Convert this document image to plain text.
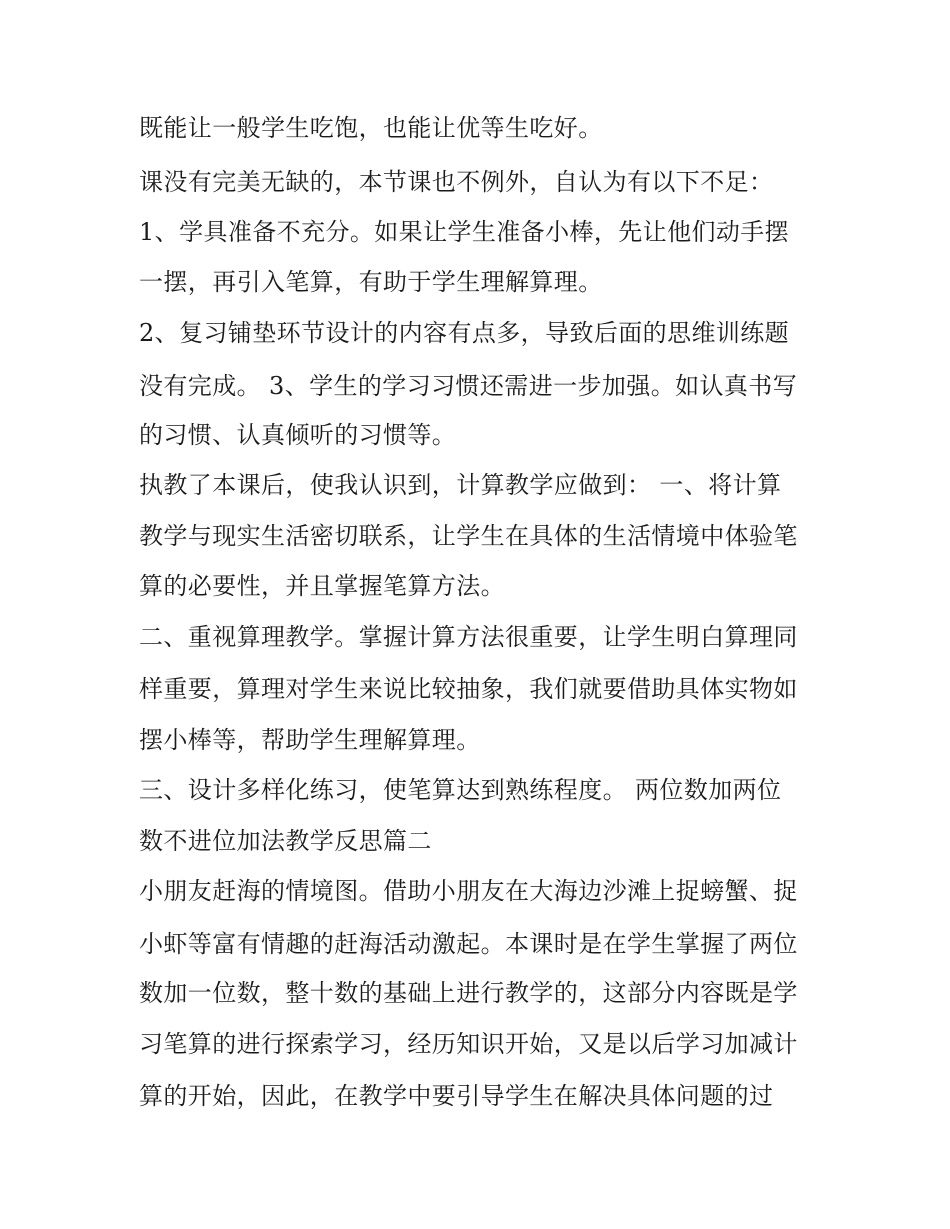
既能让一般学生吃饱，也能让优等生吃好。

课没有完美无缺的，本节课也不例外，自认为有以下不足：

1、学具准备不充分。如果让学生准备小棒，先让他们动手摆

一摆，再引入笔算，有助于学生理解算理。

2、复习铺垫环节设计的内容有点多，导致后面的思维训练题

没有完成。 3、学生的学习习惯还需进一步加强。如认真书写

的习惯、认真倾听的习惯等。

执教了本课后，使我认识到，计算教学应做到： 一、将计算

教学与现实生活密切联系，让学生在具体的生活情境中体验笔

算的必要性，并且掌握笔算方法。

二、重视算理教学。掌握计算方法很重要，让学生明白算理同

样重要，算理对学生来说比较抽象，我们就要借助具体实物如

摆小棒等，帮助学生理解算理。

三、设计多样化练习，使笔算达到熟练程度。 两位数加两位

数不进位加法教学反思篇二

小朋友赶海的情境图。借助小朋友在大海边沙滩上捉螃蟹、捉

小虾等富有情趣的赶海活动激起。本课时是在学生掌握了两位

数加一位数，整十数的基础上进行教学的，这部分内容既是学

习笔算的进行探索学习，经历知识开始，又是以后学习加减计

算的开始，因此，在教学中要引导学生在解决具体问题的过
